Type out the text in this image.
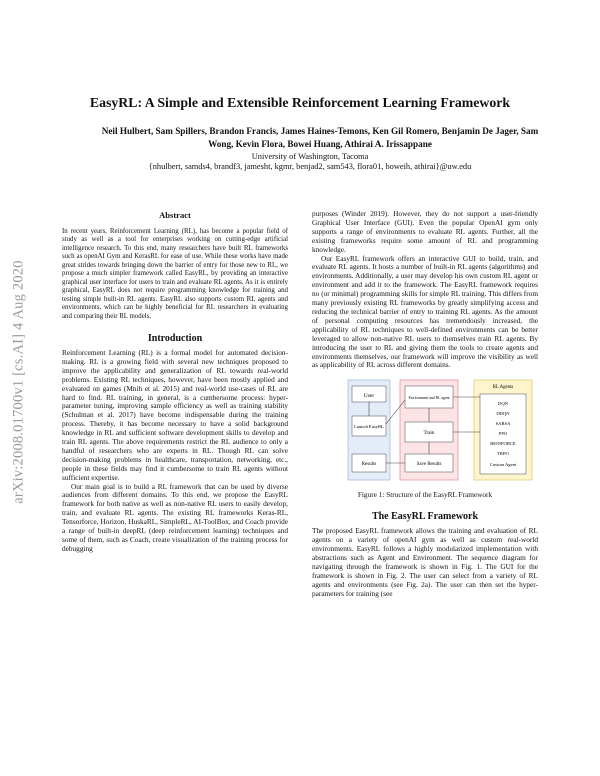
arXiv:2008.01700v1 [cs.AI] 4 Aug 2020
EasyRL: A Simple and Extensible Reinforcement Learning Framework
Neil Hulbert, Sam Spillers, Brandon Francis, James Haines-Temons, Ken Gil Romero, Benjamin De Jager, Sam Wong, Kevin Flora, Bowei Huang, Athirai A. Irissappane
University of Washington, Tacoma
{nhulbert, samds4, brandf3, jamesht, kgmr, benjad2, sam543, flora01, boweih, athirai}@uw.edu
Abstract

In recent years, Reinforcement Learning (RL), has become a popular field of study as well as a tool for enterprises working on cutting-edge artificial intelligence research. To this end, many researchers have built RL frameworks such as openAI Gym and KerasRL for ease of use. While these works have made great strides towards bringing down the barrier of entry for those new to RL, we propose a much simpler framework called EasyRL, by providing an interactive graphical user interface for users to train and evaluate RL agents. As it is entirely graphical, EasyRL does not require programming knowledge for training and testing simple built-in RL agents. EasyRL also supports custom RL agents and environments, which can be highly beneficial for RL researchers in evaluating and comparing their RL models.

Introduction

Reinforcement Learning (RL) is a formal model for automated decision-making. RL is a growing field with several new techniques proposed to improve the applicability and generalization of RL towards real-world problems. Existing RL techniques, however, have been mostly applied and evaluated on games (Mnih et al. 2015) and real-world use-cases of RL are hard to find. RL training, in general, is a cumbersome process: hyper-parameter tuning, improving sample efficiency as well as training stability (Schulman et al. 2017) have become indispensable during the training process. Thereby, it has become necessary to have a solid background knowledge in RL and sufficient software development skills to develop and train RL agents. The above requirements restrict the RL audience to only a handful of researchers who are experts in RL. Though RL can solve decision-making problems in healthcare, transportation, networking, etc., people in these fields may find it cumbersome to train RL agents without sufficient expertise.

Our main goal is to build a RL framework that can be used by diverse audiences from different domains. To this end, we propose the EasyRL framework for both native as well as non-native RL users to easily develop, train, and evaluate RL agents. The existing RL frameworks Keras-RL, Tensorforce, Horizon, HuskaRL, SimpleRL, AI-ToolBox, and Coach provide a range of built-in deepRL (deep reinforcement learning) techniques and some of them, such as Coach, create visualization of the training process for debugging

purposes (Winder 2019). However, they do not support a user-friendly Graphical User Interface (GUI). Even the popular OpenAI gym only supports a range of environments to evaluate RL agents. Further, all the existing frameworks require some amount of RL and programming knowledge.

Our EasyRL framework offers an interactive GUI to build, train, and evaluate RL agents. It hosts a number of built-in RL agents (algorithms) and environments. Additionally, a user may develop his own custom RL agent or environment and add it to the framework. The EasyRL framework requires no (or minimal) programming skills for simple RL training. This differs from many previously existing RL frameworks by greatly simplifying access and reducing the technical barrier of entry to training RL agents. As the amount of personal computing resources has tremendously increased, the applicability of RL techniques to well-defined environments can be better leveraged to allow non-native RL users to themselves train RL agents. By introducing the user to RL and giving them the tools to create agents and environments themselves, our framework will improve the visibility as well as applicability of RL across different domains.

User
Launch EasyRL
Results
Environment and RL agent
Train
Save Results
RL Agents
DQN
DDQN
SARSA
PPO
REINFORCE
TRPO
Custom Agent
Figure 1: Structure of the EasyRL Framework
The EasyRL Framework

The proposed EasyRL framework allows the training and evaluation of RL agents on a variety of openAI gym as well as custom real-world environments. EasyRL follows a highly modularized implementation with abstractions such as Agent and Environment. The sequence diagram for navigating through the framework is shown in Fig. 1. The GUI for the framework is shown in Fig. 2. The user can select from a variety of RL agents and environments (see Fig. 2a). The user can then set the hyper-parameters for training (see
